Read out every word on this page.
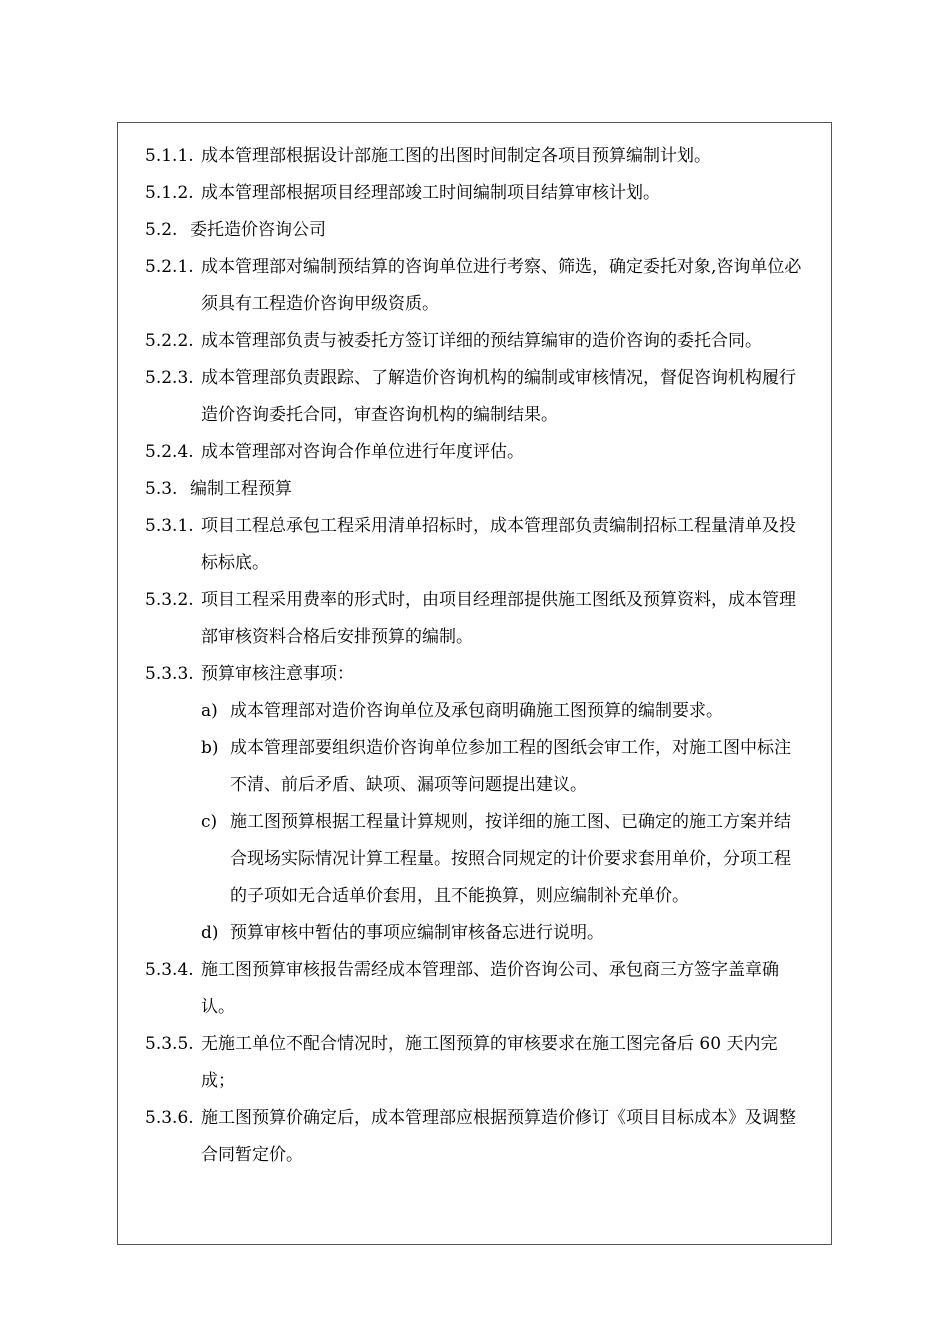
5.1.1. 成本管理部根据设计部施工图的出图时间制定各项目预算编制计划。
5.1.2. 成本管理部根据项目经理部竣工时间编制项目结算审核计划。
5.2. 委托造价咨询公司
5.2.1. 成本管理部对编制预结算的咨询单位进行考察、筛选，确定委托对象,咨询单位必须具有工程造价咨询甲级资质。
5.2.2. 成本管理部负责与被委托方签订详细的预结算编审的造价咨询的委托合同。
5.2.3. 成本管理部负责跟踪、了解造价咨询机构的编制或审核情况，督促咨询机构履行造价咨询委托合同，审查咨询机构的编制结果。
5.2.4. 成本管理部对咨询合作单位进行年度评估。
5.3. 编制工程预算
5.3.1. 项目工程总承包工程采用清单招标时，成本管理部负责编制招标工程量清单及投标标底。
5.3.2. 项目工程采用费率的形式时，由项目经理部提供施工图纸及预算资料，成本管理部审核资料合格后安排预算的编制。
5.3.3. 预算审核注意事项：
a) 成本管理部对造价咨询单位及承包商明确施工图预算的编制要求。
b) 成本管理部要组织造价咨询单位参加工程的图纸会审工作，对施工图中标注不清、前后矛盾、缺项、漏项等问题提出建议。
c) 施工图预算根据工程量计算规则，按详细的施工图、已确定的施工方案并结合现场实际情况计算工程量。按照合同规定的计价要求套用单价，分项工程的子项如无合适单价套用，且不能换算，则应编制补充单价。
d) 预算审核中暂估的事项应编制审核备忘进行说明。
5.3.4. 施工图预算审核报告需经成本管理部、造价咨询公司、承包商三方签字盖章确认。
5.3.5. 无施工单位不配合情况时，施工图预算的审核要求在施工图完备后 60 天内完成；
5.3.6. 施工图预算价确定后，成本管理部应根据预算造价修订《项目目标成本》及调整合同暂定价。
